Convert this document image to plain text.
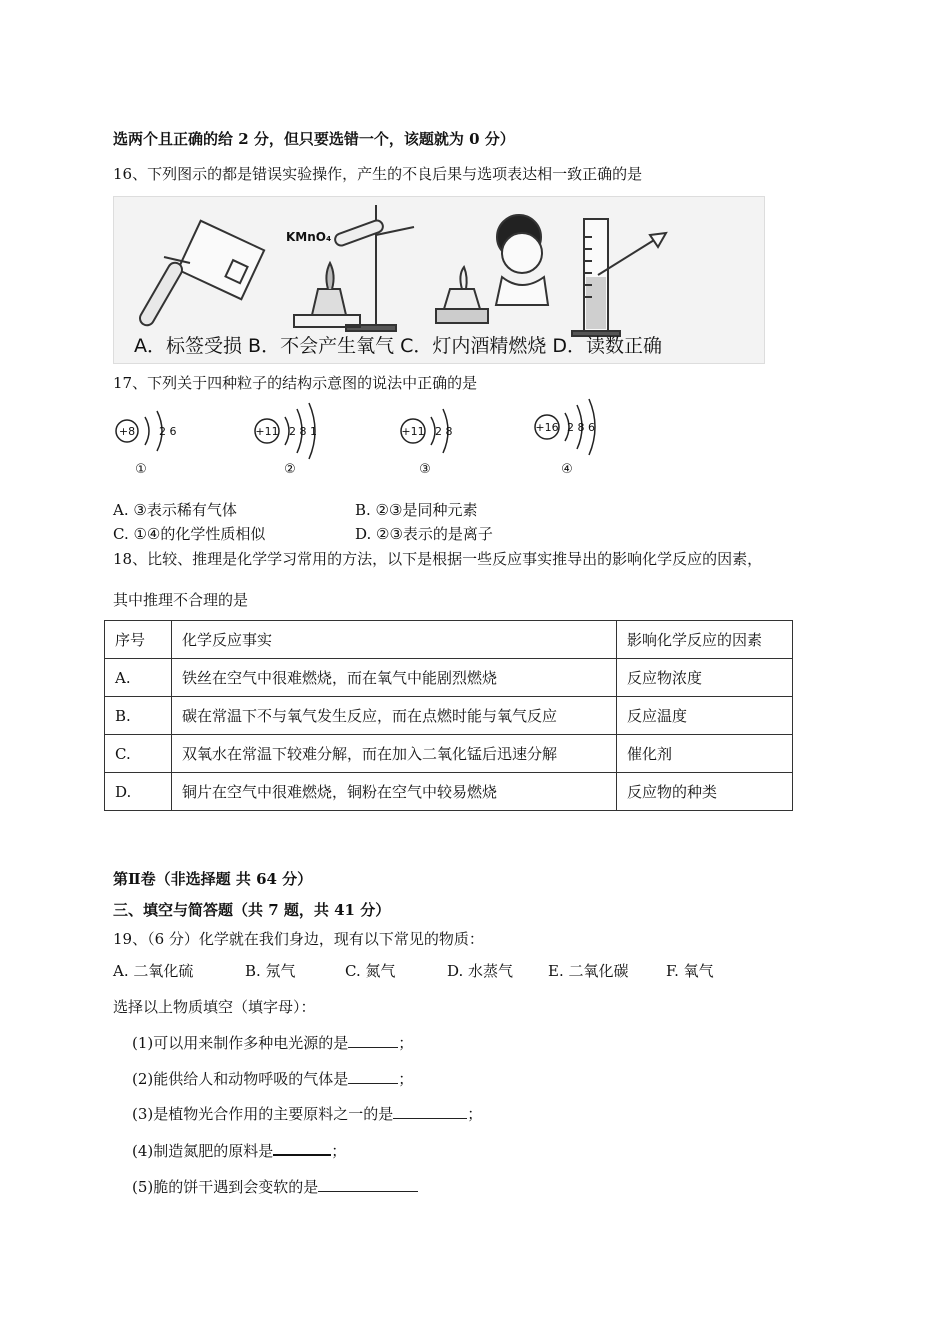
选两个且正确的给 2 分，但只要选错一个，该题就为 0 分）
16、下列图示的都是错误实验操作，产生的不良后果与选项表达相一致正确的是
KMnO₄
A．标签受损 B．不会产生氧气 C．灯内酒精燃烧 D．读数正确
17、下列关于四种粒子的结构示意图的说法中正确的是
+8 2 6
①
+11 2 8 1
②
+11 2 8
③
+16 2 8 6
④
A. ③表示稀有气体	B. ②③是同种元素
C. ①④的化学性质相似	D. ②③表示的是离子
18、比较、推理是化学学习常用的方法，以下是根据一些反应事实推导出的影响化学反应的因素，
其中推理不合理的是
序号	化学反应事实	影响化学反应的因素
A.	铁丝在空气中很难燃烧，而在氧气中能剧烈燃烧	反应物浓度
B.	碳在常温下不与氧气发生反应，而在点燃时能与氧气反应	反应温度
C.	双氧水在常温下较难分解，而在加入二氧化锰后迅速分解	催化剂
D.	铜片在空气中很难燃烧，铜粉在空气中较易燃烧	反应物的种类
第Ⅱ卷（非选择题 共 64 分）
三、填空与简答题（共 7 题，共 41 分）
19、（6 分）化学就在我们身边，现有以下常见的物质：
A. 二氧化硫	B. 氖气	C. 氮气	D. 水蒸气 E. 二氧化碳	F. 氧气
选择以上物质填空（填字母）：
(1)可以用来制作多种电光源的是	；
(2)能供给人和动物呼吸的气体是	；
(3)是植物光合作用的主要原料之一的是	；
(4)制造氮肥的原料是	；
(5)脆的饼干遇到会变软的是
